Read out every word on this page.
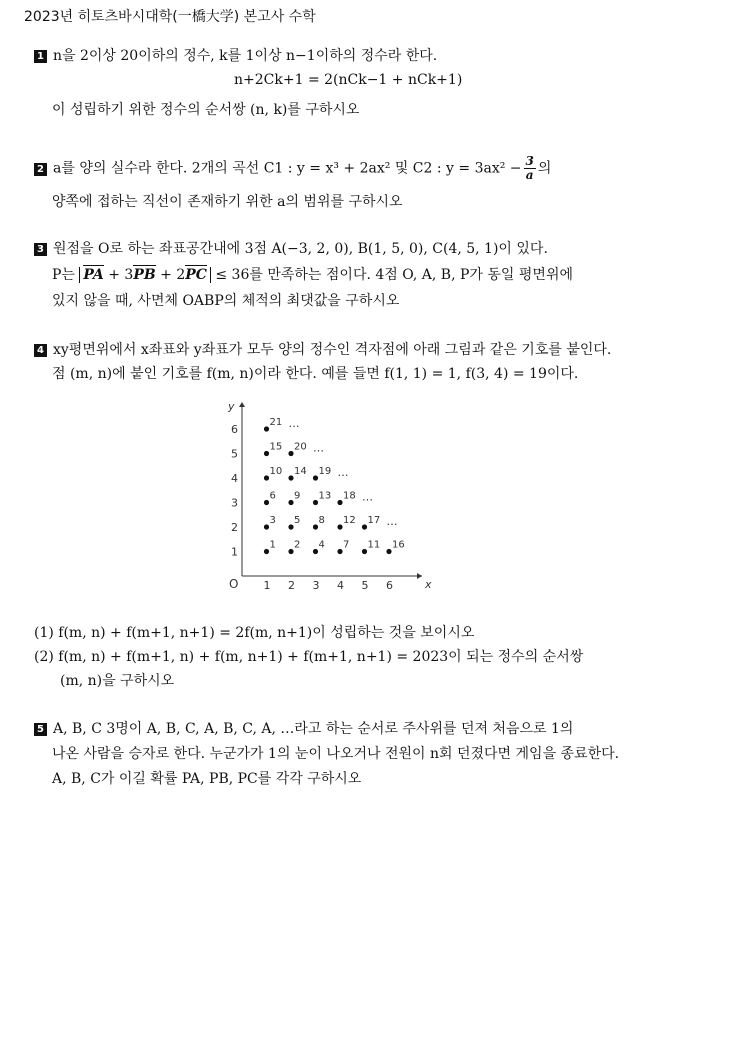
2023년 히토츠바시대학(一橋大学) 본고사 수학
1 n을 2이상 20이하의 정수, k를 1이상 n−1이하의 정수라 한다.
n+2Ck+1 = 2(nCk−1 + nCk+1)
이 성립하기 위한 정수의 순서쌍 (n, k)를 구하시오
2 a를 양의 실수라 한다. 2개의 곡선 C1 : y = x³ + 2ax² 및 C2 : $y = 3ax^2 - \frac{3}{a}$ 의
양쪽에 접하는 직선이 존재하기 위한 a의 범위를 구하시오
3 원점을 O로 하는 좌표공간내에 3점 A(−3, 2, 0), B(1, 5, 0), C(4, 5, 1)이 있다.
P는 PA + 3PB + 2PC ≤ 36를 만족하는 점이다. 4점 O, A, B, P가 동일 평면위에
있지 않을 때, 사면체 OABP의 체적의 최댓값을 구하시오
4 xy평면위에서 x좌표와 y좌표가 모두 양의 정수인 격자점에 아래 그림과 같은 기호를 붙인다.
점 (m, n)에 붙인 기호를 f(m, n)이라 한다. 예를 들면 f(1, 1) = 1, f(3, 4) = 19이다.
x
y
O 1 2 3 4 5 6
1
2
3
4
5
6
1 2 4 7 11 16
3 5 8 12 17
6 9 13 18
10 14 19
15 20
21
…
…
…
…
…
(1) f(m, n) + f(m+1, n+1) = 2f(m, n+1)이 성립하는 것을 보이시오
(2) f(m, n) + f(m+1, n) + f(m, n+1) + f(m+1, n+1) = 2023이 되는 정수의 순서쌍
(m, n)을 구하시오
5 A, B, C 3명이 A, B, C, A, B, C, A, …라고 하는 순서로 주사위를 던져 처음으로 1의
나온 사람을 승자로 한다. 누군가가 1의 눈이 나오거나 전원이 n회 던졌다면 게임을 종료한다.
A, B, C가 이길 확률 PA, PB, PC를 각각 구하시오
